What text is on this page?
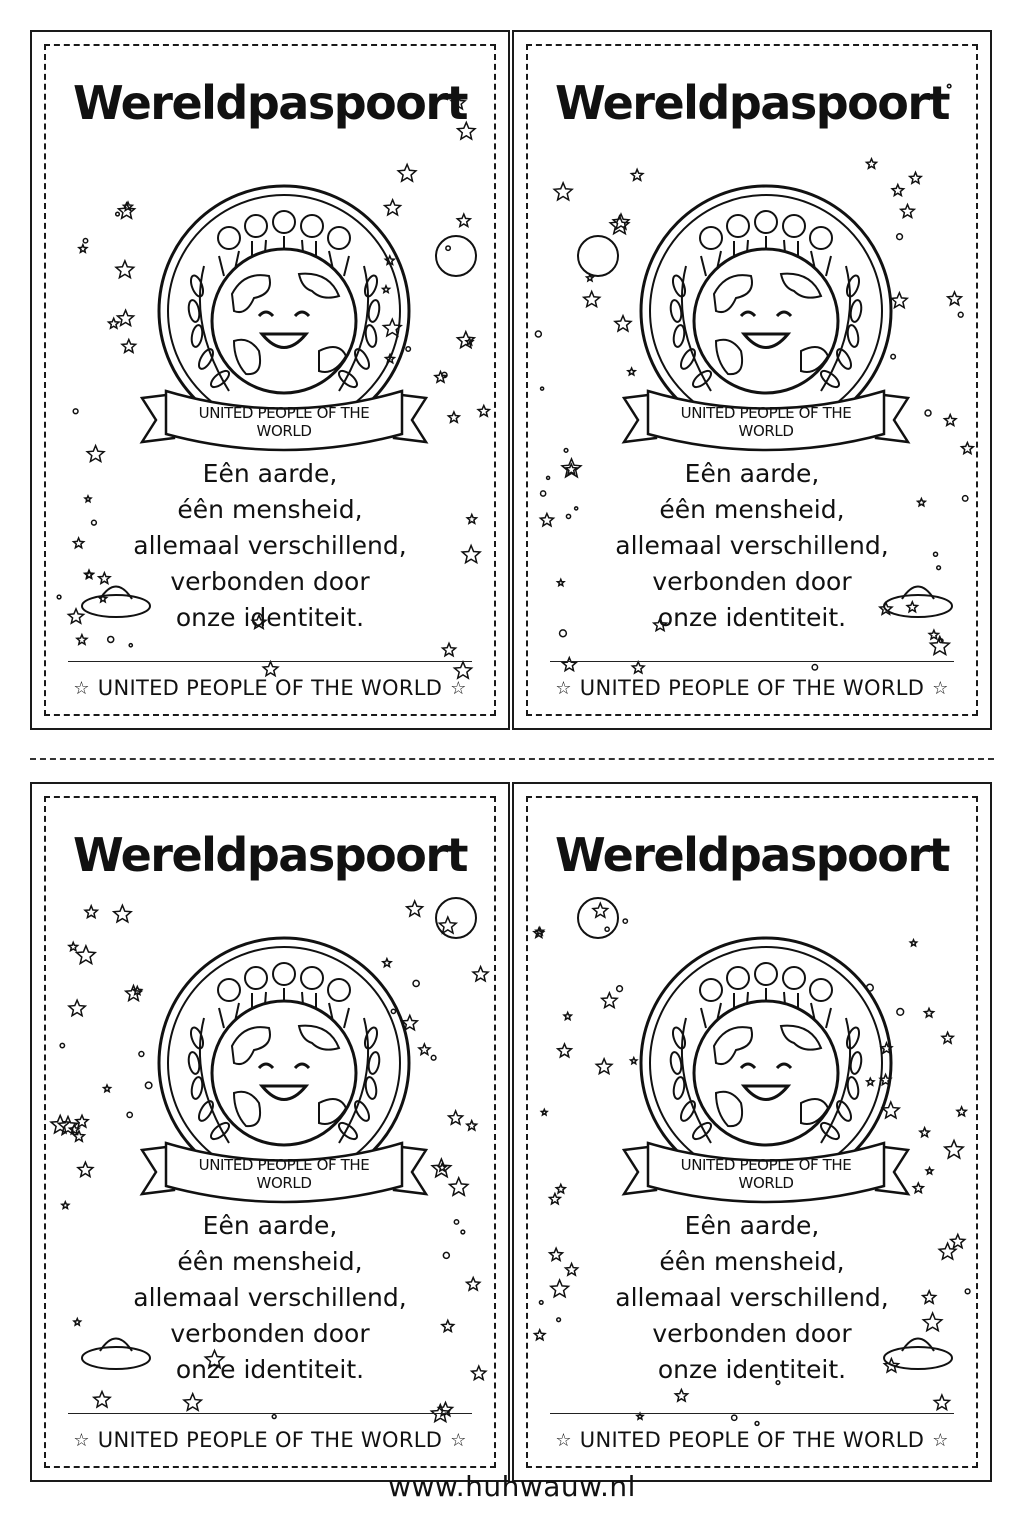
Wereldpaspoort
UNITED PEOPLE OF THE WORLD
Eên aarde,
éên mensheid,
allemaal verschillend,
verbonden door
onze identiteit.
☆ UNITED PEOPLE OF THE WORLD ☆
Wereldpaspoort
UNITED PEOPLE OF THE WORLD
Eên aarde,
éên mensheid,
allemaal verschillend,
verbonden door
onze identiteit.
☆ UNITED PEOPLE OF THE WORLD ☆
Wereldpaspoort
UNITED PEOPLE OF THE WORLD
Eên aarde,
éên mensheid,
allemaal verschillend,
verbonden door
onze identiteit.
☆ UNITED PEOPLE OF THE WORLD ☆
Wereldpaspoort
UNITED PEOPLE OF THE WORLD
Eên aarde,
éên mensheid,
allemaal verschillend,
verbonden door
onze identiteit.
☆ UNITED PEOPLE OF THE WORLD ☆
www.huhwauw.nl
